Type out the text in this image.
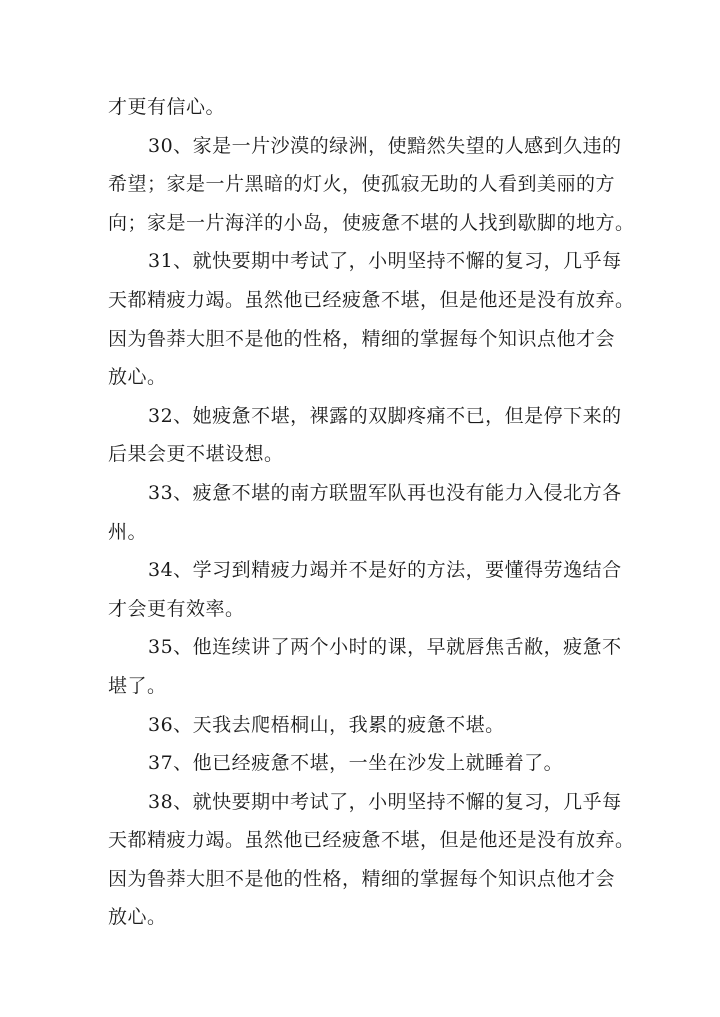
才更有信心。

30、家是一片沙漠的绿洲，使黯然失望的人感到久违的
希望；家是一片黑暗的灯火，使孤寂无助的人看到美丽的方
向；家是一片海洋的小岛，使疲惫不堪的人找到歇脚的地方。

31、就快要期中考试了，小明坚持不懈的复习，几乎每
天都精疲力竭。虽然他已经疲惫不堪，但是他还是没有放弃。
因为鲁莽大胆不是他的性格，精细的掌握每个知识点他才会
放心。

32、她疲惫不堪，裸露的双脚疼痛不已，但是停下来的
后果会更不堪设想。

33、疲惫不堪的南方联盟军队再也没有能力入侵北方各
州。

34、学习到精疲力竭并不是好的方法，要懂得劳逸结合
才会更有效率。

35、他连续讲了两个小时的课，早就唇焦舌敝，疲惫不
堪了。

36、天我去爬梧桐山，我累的疲惫不堪。

37、他已经疲惫不堪，一坐在沙发上就睡着了。

38、就快要期中考试了，小明坚持不懈的复习，几乎每
天都精疲力竭。虽然他已经疲惫不堪，但是他还是没有放弃。
因为鲁莽大胆不是他的性格，精细的掌握每个知识点他才会
放心。
